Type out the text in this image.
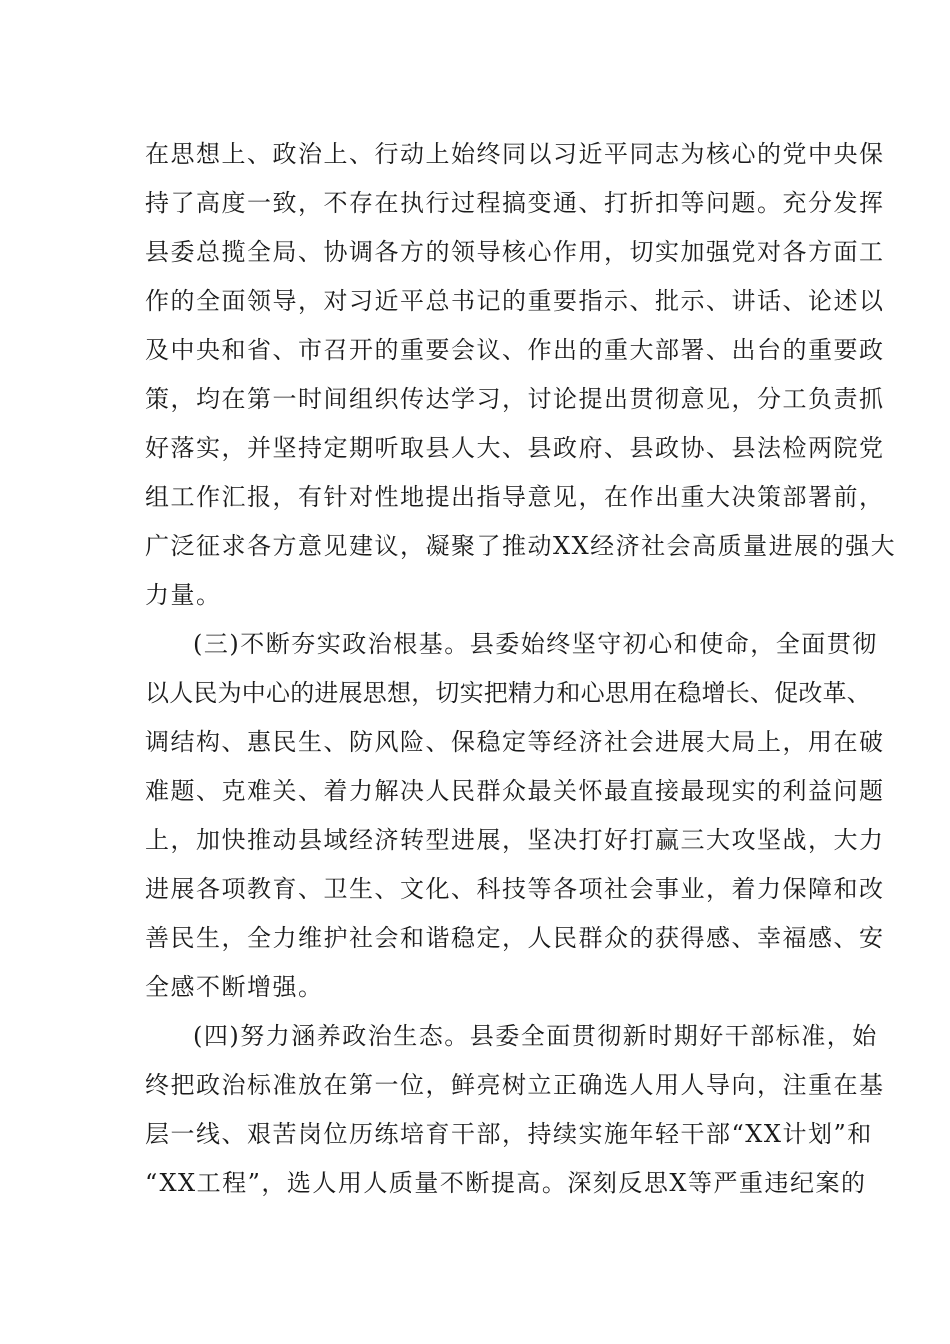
在思想上、政治上、行动上始终同以习近平同志为核心的党中央保
持了高度一致，不存在执行过程搞变通、打折扣等问题。充分发挥
县委总揽全局、协调各方的领导核心作用，切实加强党对各方面工
作的全面领导，对习近平总书记的重要指示、批示、讲话、论述以
及中央和省、市召开的重要会议、作出的重大部署、出台的重要政
策，均在第一时间组织传达学习，讨论提出贯彻意见，分工负责抓
好落实，并坚持定期听取县人大、县政府、县政协、县法检两院党
组工作汇报，有针对性地提出指导意见，在作出重大决策部署前，
广泛征求各方意见建议，凝聚了推动XX经济社会高质量进展的强大
力量。
(三)不断夯实政治根基。县委始终坚守初心和使命，全面贯彻
以人民为中心的进展思想，切实把精力和心思用在稳增长、促改革、
调结构、惠民生、防风险、保稳定等经济社会进展大局上，用在破
难题、克难关、着力解决人民群众最关怀最直接最现实的利益问题
上，加快推动县域经济转型进展，坚决打好打赢三大攻坚战，大力
进展各项教育、卫生、文化、科技等各项社会事业，着力保障和改
善民生，全力维护社会和谐稳定，人民群众的获得感、幸福感、安
全感不断增强。
(四)努力涵养政治生态。县委全面贯彻新时期好干部标准，始
终把政治标准放在第一位，鲜亮树立正确选人用人导向，注重在基
层一线、艰苦岗位历练培育干部，持续实施年轻干部“XX计划”和
“XX工程”，选人用人质量不断提高。深刻反思X等严重违纪案的
